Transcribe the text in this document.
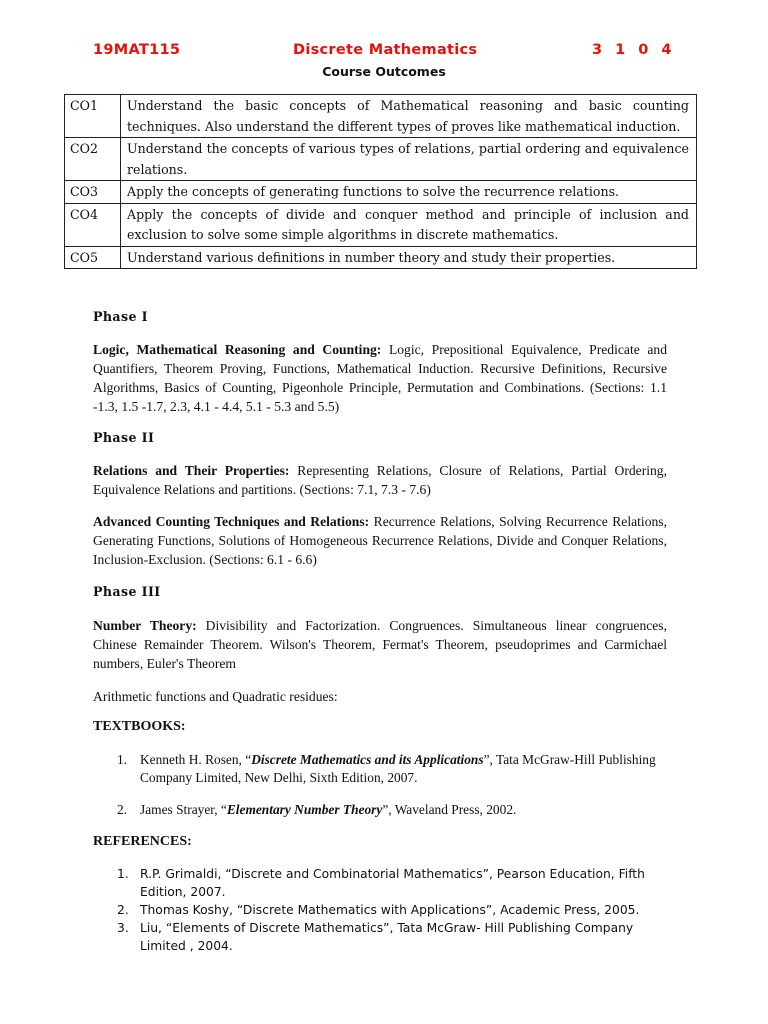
19MAT115	Discrete Mathematics	3 1 0 4
Course Outcomes
CO1	Understand the basic concepts of Mathematical reasoning and basic counting techniques. Also understand the different types of proves like mathematical induction.
CO2	Understand the concepts of various types of relations, partial ordering and equivalence relations.
CO3	Apply the concepts of generating functions to solve the recurrence relations.
CO4	Apply the concepts of divide and conquer method and principle of inclusion and exclusion to solve some simple algorithms in discrete mathematics.
CO5	Understand various definitions in number theory and study their properties.
Phase I
Logic, Mathematical Reasoning and Counting: Logic, Prepositional Equivalence, Predicate and Quantifiers, Theorem Proving, Functions, Mathematical Induction. Recursive Definitions, Recursive Algorithms, Basics of Counting, Pigeonhole Principle, Permutation and Combinations. (Sections: 1.1 -1.3, 1.5 -1.7, 2.3, 4.1 - 4.4, 5.1 - 5.3 and 5.5)
Phase II
Relations and Their Properties: Representing Relations, Closure of Relations, Partial Ordering, Equivalence Relations and partitions. (Sections: 7.1, 7.3 - 7.6)
Advanced Counting Techniques and Relations: Recurrence Relations, Solving Recurrence Relations, Generating Functions, Solutions of Homogeneous Recurrence Relations, Divide and Conquer Relations, Inclusion-Exclusion. (Sections: 6.1 - 6.6)
Phase III
Number Theory: Divisibility and Factorization. Congruences. Simultaneous linear congruences, Chinese Remainder Theorem. Wilson's Theorem, Fermat's Theorem, pseudoprimes and Carmichael numbers, Euler's Theorem
Arithmetic functions and Quadratic residues:
TEXTBOOKS:
1. Kenneth H. Rosen, “Discrete Mathematics and its Applications”, Tata McGraw-Hill Publishing Company Limited, New Delhi, Sixth Edition, 2007.
2. James Strayer, “Elementary Number Theory”, Waveland Press, 2002.
REFERENCES:
1. R.P. Grimaldi, “Discrete and Combinatorial Mathematics”, Pearson Education, Fifth Edition, 2007.
2. Thomas Koshy, “Discrete Mathematics with Applications”, Academic Press, 2005.
3. Liu, “Elements of Discrete Mathematics”, Tata McGraw- Hill Publishing Company Limited , 2004.
